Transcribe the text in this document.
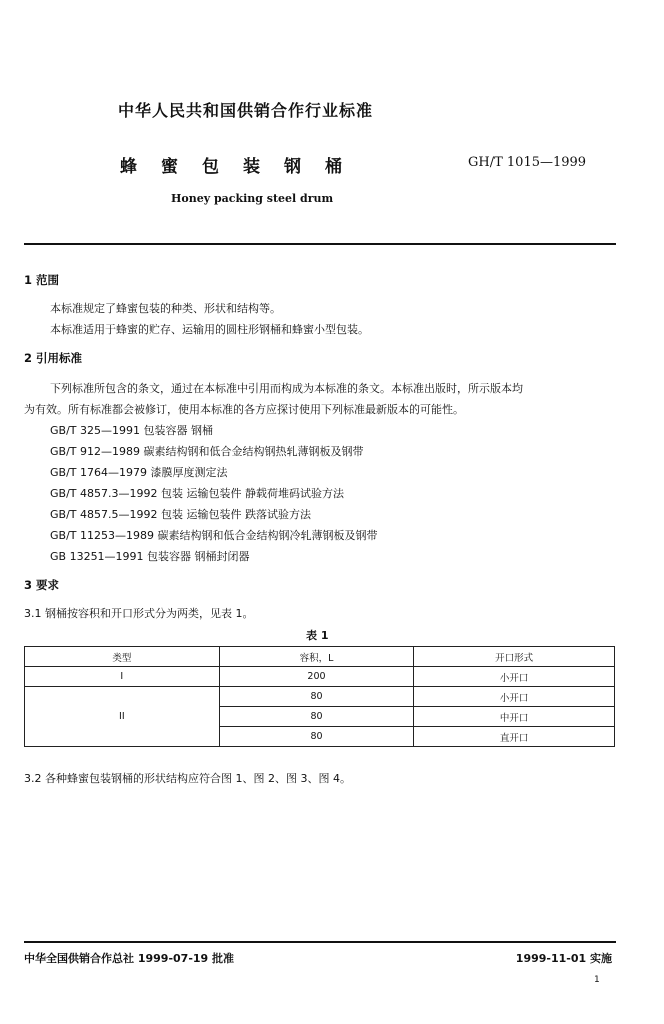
中华人民共和国供销合作行业标准
蜂蜜包装钢桶	GH/T 1015—1999
Honey packing steel drum
1 范围
本标准规定了蜂蜜包装的种类、形状和结构等。
本标准适用于蜂蜜的贮存、运输用的圆柱形钢桶和蜂蜜小型包装。
2 引用标准
下列标准所包含的条文，通过在本标准中引用而构成为本标准的条文。本标准出版时，所示版本均
为有效。所有标准都会被修订，使用本标准的各方应探讨使用下列标准最新版本的可能性。
GB/T 325—1991 包装容器 钢桶
GB/T 912—1989 碳素结构钢和低合金结构钢热轧薄钢板及钢带
GB/T 1764—1979 漆膜厚度测定法
GB/T 4857.3—1992 包装 运输包装件 静载荷堆码试验方法
GB/T 4857.5—1992 包装 运输包装件 跌落试验方法
GB/T 11253—1989 碳素结构钢和低合金结构钢冷轧薄钢板及钢带
GB 13251—1991 包装容器 钢桶封闭器
3 要求
3.1 钢桶按容积和开口形式分为两类，见表 1。
表 1
类型	容积，L	开口形式
I	200	小开口
II	80	小开口
	80	中开口
	80	直开口
3.2 各种蜂蜜包装钢桶的形状结构应符合图 1、图 2、图 3、图 4。
中华全国供销合作总社 1999-07-19 批准	1999-11-01 实施
1
